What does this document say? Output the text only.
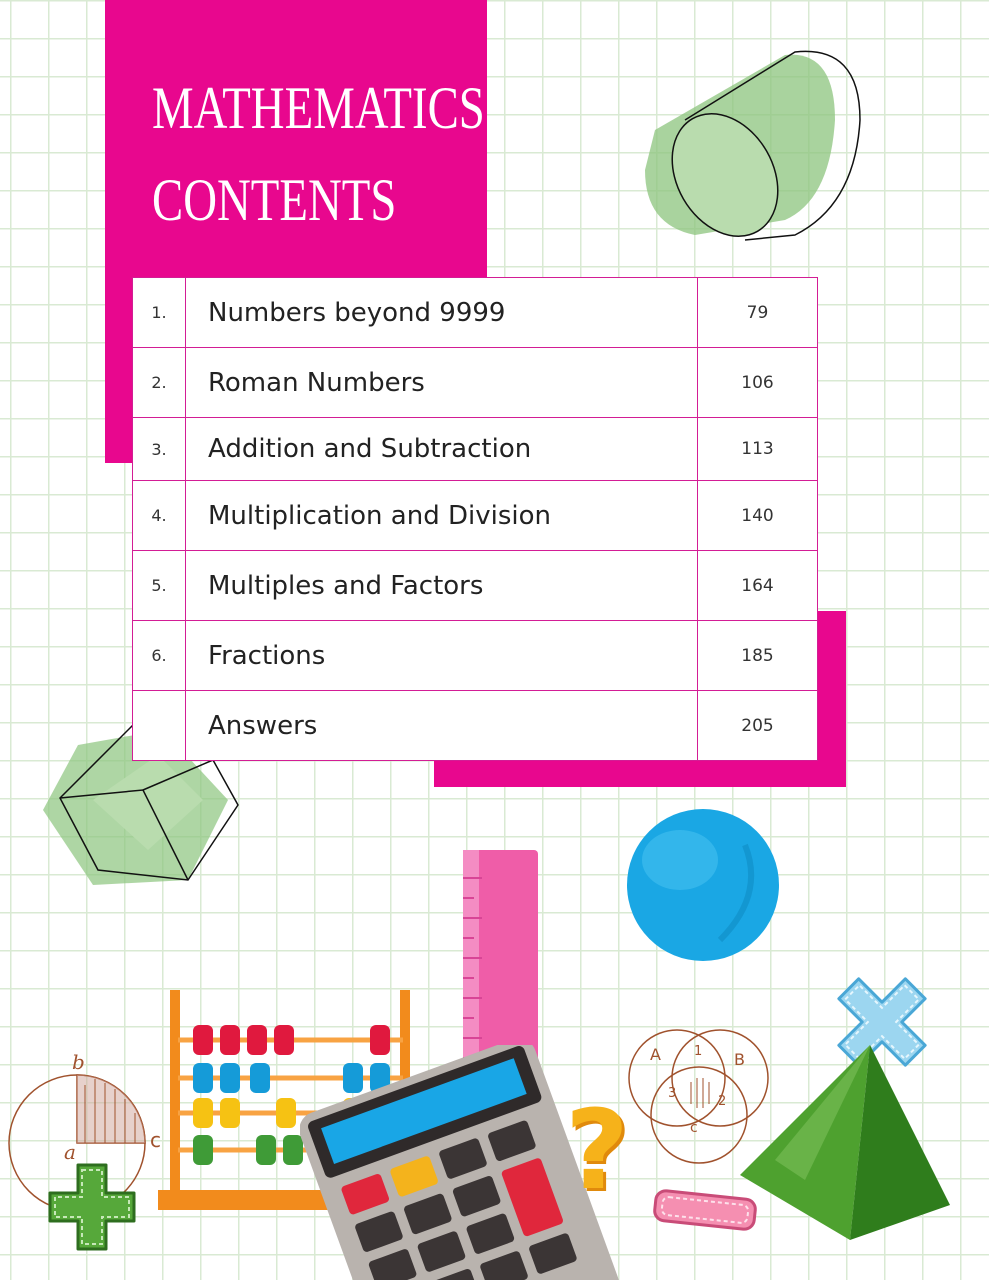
MATHEMATICS
CONTENTS
1.	Numbers beyond 9999	79
2.	Roman Numbers	106
3.	Addition and Subtraction	113
4.	Multiplication and Division	140
5.	Multiples and Factors	164
6.	Fractions	185
	Answers	205
b
a	c
A	B
c
1
2
3
?
